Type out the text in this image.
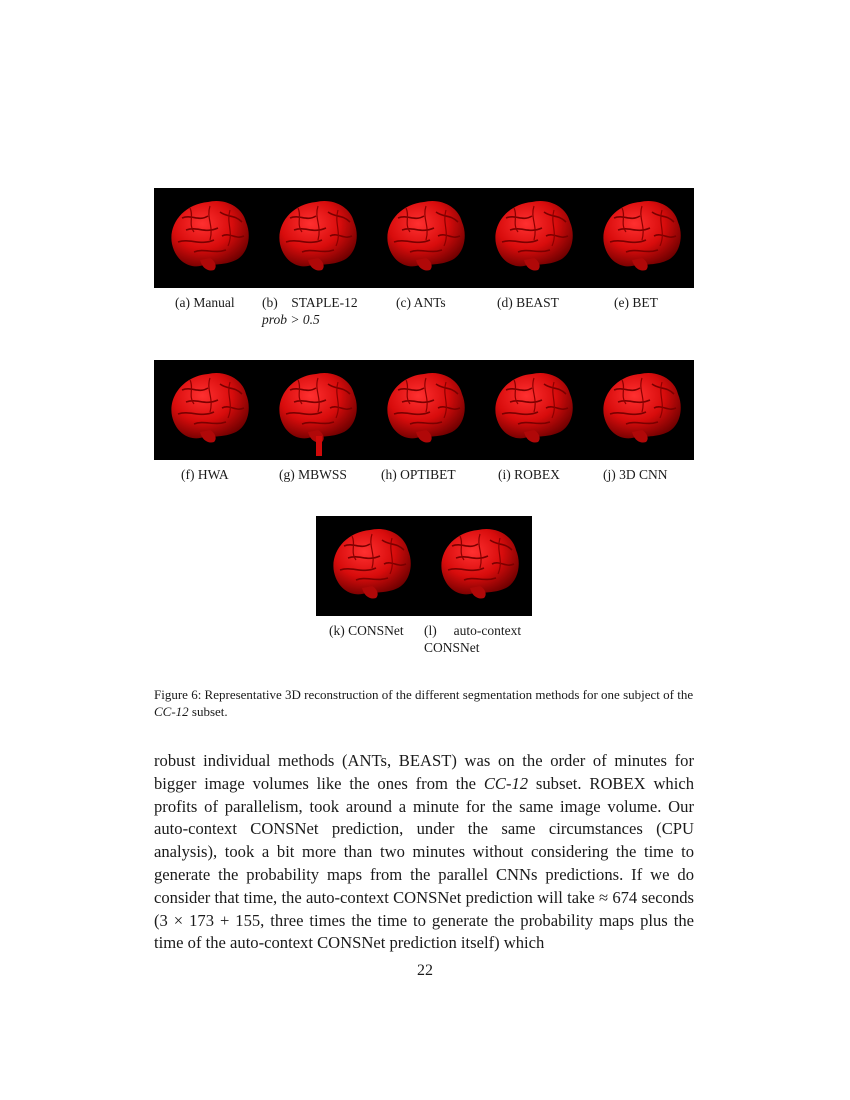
(a) Manual (b)    STAPLE-12
prob > 0.5
(c) ANTs	(d) BEAST	(e) BET
(f) HWA	(g) MBWSS	(h) OPTIBET	(i) ROBEX	(j) 3D CNN
(k) CONSNet (l)     auto-context
CONSNet
Figure 6: Representative 3D reconstruction of the different segmentation methods for one subject of the CC-12 subset.

robust individual methods (ANTs, BEAST) was on the order of minutes for bigger image volumes like the ones from the CC-12 subset. ROBEX which profits of parallelism, took around a minute for the same image volume. Our auto-context CONSNet prediction, under the same circumstances (CPU analysis), took a bit more than two minutes without considering the time to generate the probability maps from the parallel CNNs predictions. If we do consider that time, the auto-context CONSNet prediction will take ≈ 674 seconds (3 × 173 + 155, three times the time to generate the probability maps plus the time of the auto-context CONSNet prediction itself) which

22
